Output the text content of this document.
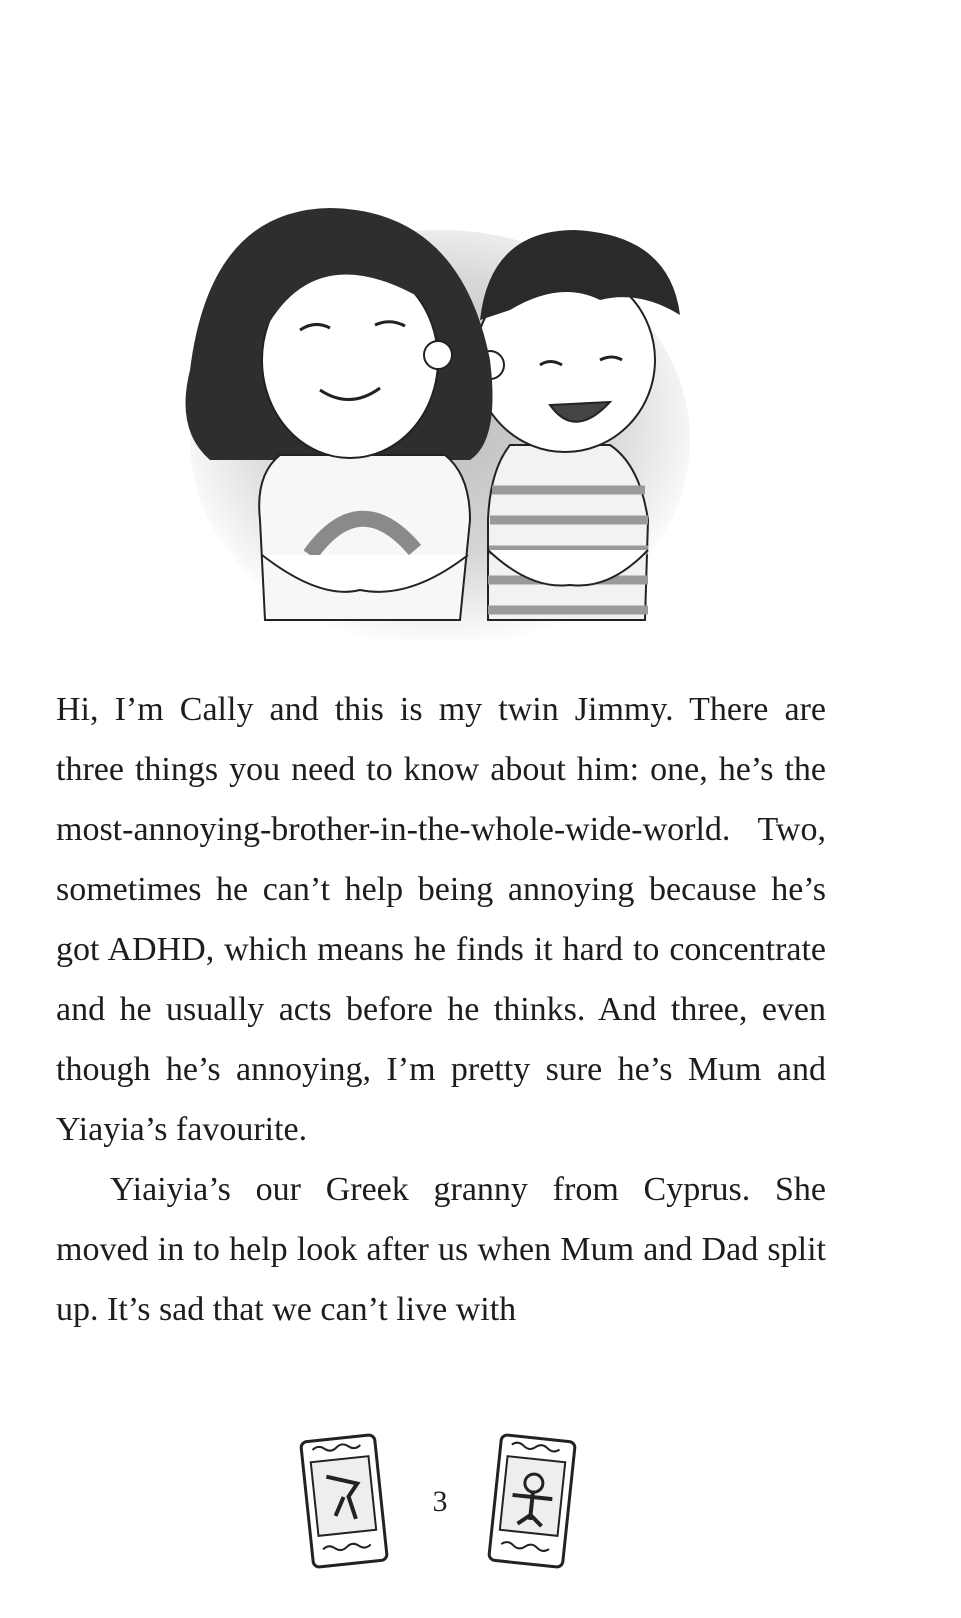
Hi, I’m Cally and this is my twin Jimmy. There are three things you need to know about him: one, he’s the most-annoying-brother-in-the-whole-wide-world. Two, sometimes he can’t help being annoying because he’s got ADHD, which means he finds it hard to concentrate and he usually acts before he thinks. And three, even though he’s annoying, I’m pretty sure he’s Mum and Yiayia’s favourite.

Yiaiyia’s our Greek granny from Cyprus. She moved in to help look after us when Mum and Dad split up. It’s sad that we can’t live with

3
